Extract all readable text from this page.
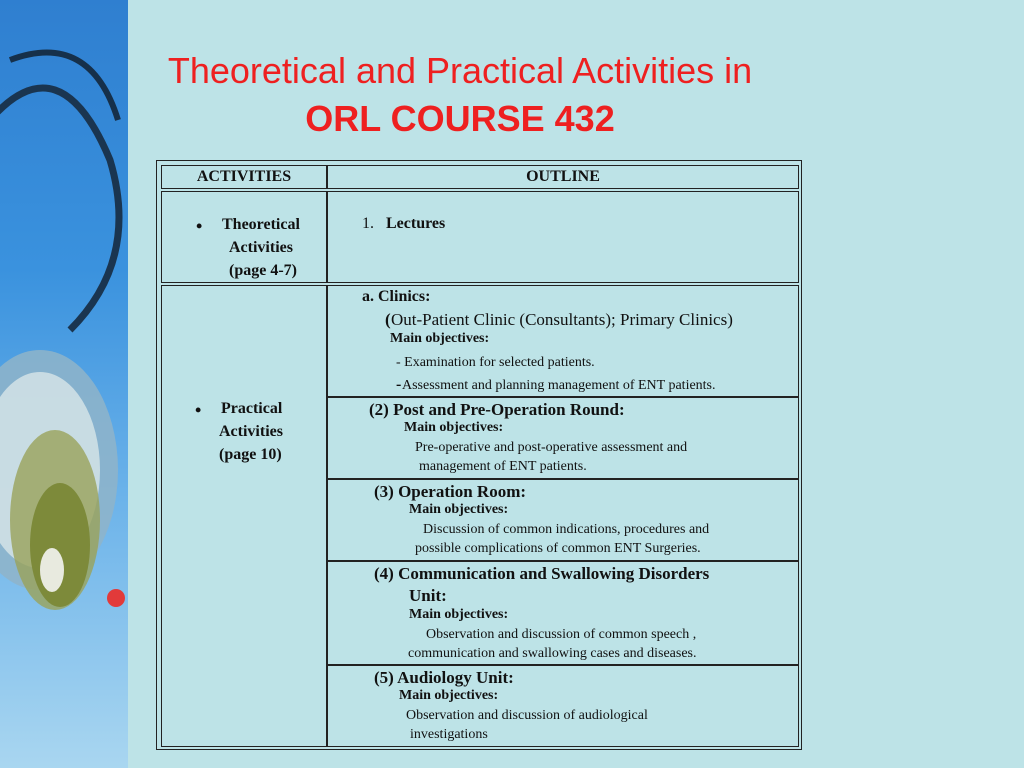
Theoretical and Practical Activities in
ORL COURSE 432
ACTIVITIES	OUTLINE
• Theoretical
Activities
(page 4-7)
1. Lectures
• Practical
Activities
(page 10)
a. Clinics:
( Out-Patient Clinic (Consultants); Primary Clinics)
Main objectives:
- Examination for selected patients.
- Assessment and planning management of ENT patients.
(2) Post and Pre-Operation Round:
Main objectives:
Pre-operative and post-operative assessment and
management of ENT patients.
(3) Operation Room:
Main objectives:
Discussion of common indications, procedures and
possible complications of common ENT Surgeries.
(4) Communication and Swallowing Disorders
Unit:
Main objectives:
Observation and discussion of common speech ,
communication and swallowing cases and diseases.
(5) Audiology Unit:
Main objectives:
Observation and discussion of audiological
investigations
